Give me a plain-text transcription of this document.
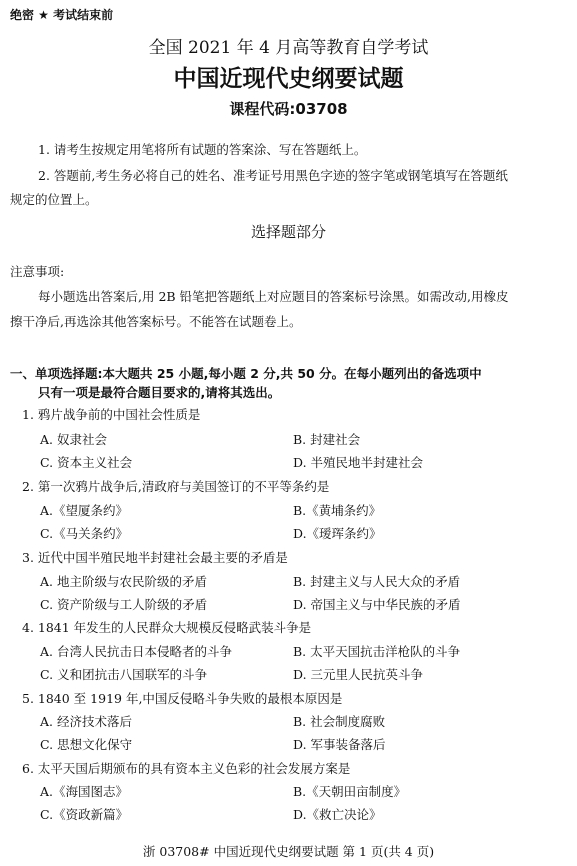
绝密 ★ 考试结束前
全国 2021 年 4 月高等教育自学考试
中国近现代史纲要试题
课程代码:03708
1. 请考生按规定用笔将所有试题的答案涂、写在答题纸上。
2. 答题前,考生务必将自己的姓名、准考证号用黑色字迹的签字笔或钢笔填写在答题纸
规定的位置上。
选择题部分
注意事项:
每小题选出答案后,用 2B 铅笔把答题纸上对应题目的答案标号涂黑。如需改动,用橡皮
擦干净后,再选涂其他答案标号。不能答在试题卷上。
一、单项选择题:本大题共 25 小题,每小题 2 分,共 50 分。在每小题列出的备选项中
只有一项是最符合题目要求的,请将其选出。
1. 鸦片战争前的中国社会性质是
A. 奴隶社会	B. 封建社会
C. 资本主义社会	D. 半殖民地半封建社会
2. 第一次鸦片战争后,清政府与美国签订的不平等条约是
A.《望厦条约》	B.《黄埔条约》
C.《马关条约》	D.《瑷珲条约》
3. 近代中国半殖民地半封建社会最主要的矛盾是
A. 地主阶级与农民阶级的矛盾	B. 封建主义与人民大众的矛盾
C. 资产阶级与工人阶级的矛盾	D. 帝国主义与中华民族的矛盾
4. 1841 年发生的人民群众大规模反侵略武装斗争是
A. 台湾人民抗击日本侵略者的斗争	B. 太平天国抗击洋枪队的斗争
C. 义和团抗击八国联军的斗争	D. 三元里人民抗英斗争
5. 1840 至 1919 年,中国反侵略斗争失败的最根本原因是
A. 经济技术落后	B. 社会制度腐败
C. 思想文化保守	D. 军事装备落后
6. 太平天国后期颁布的具有资本主义色彩的社会发展方案是
A.《海国图志》	B.《天朝田亩制度》
C.《资政新篇》	D.《救亡决论》
浙 03708# 中国近现代史纲要试题 第 1 页(共 4 页)
